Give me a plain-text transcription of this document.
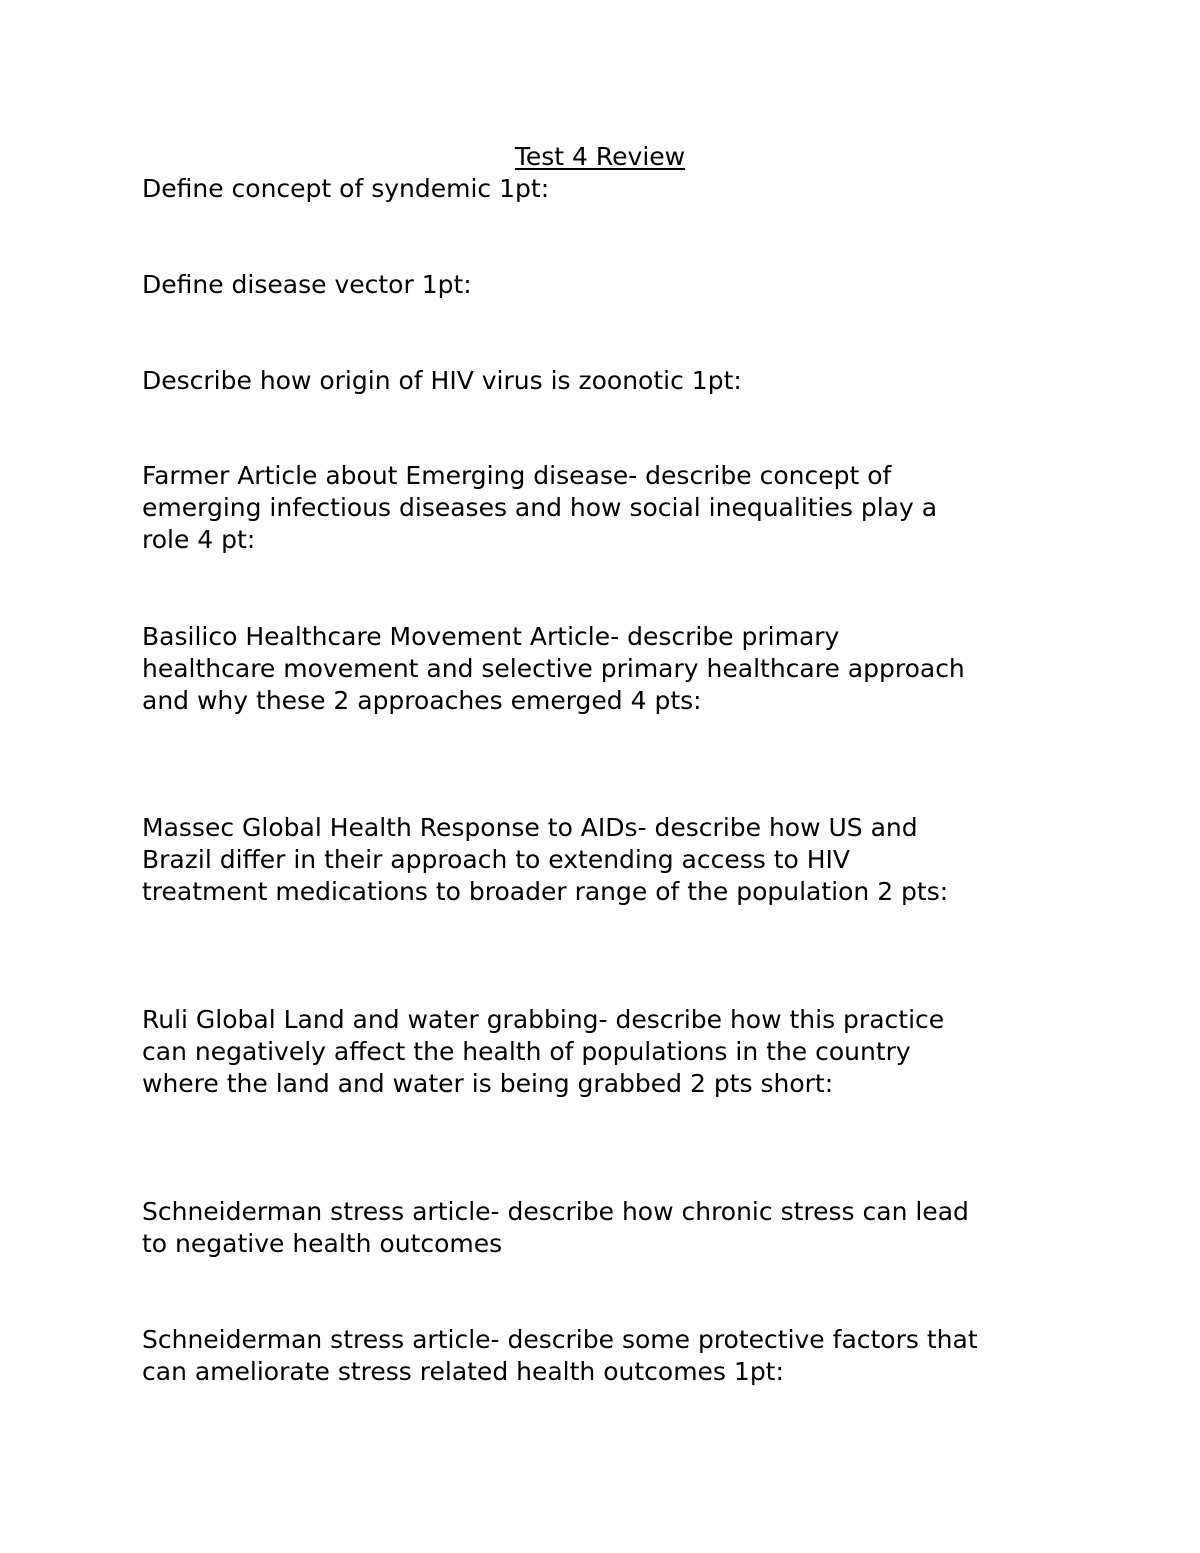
Test 4 Review

Define concept of syndemic 1pt:

Define disease vector 1pt:

Describe how origin of HIV virus is zoonotic 1pt:

Farmer Article about Emerging disease- describe concept of
emerging infectious diseases and how social inequalities play a
role 4 pt:

Basilico Healthcare Movement Article- describe primary
healthcare movement and selective primary healthcare approach
and why these 2 approaches emerged 4 pts:

Massec Global Health Response to AIDs- describe how US and
Brazil differ in their approach to extending access to HIV
treatment medications to broader range of the population 2 pts:

Ruli Global Land and water grabbing- describe how this practice
can negatively affect the health of populations in the country
where the land and water is being grabbed 2 pts short:

Schneiderman stress article- describe how chronic stress can lead
to negative health outcomes

Schneiderman stress article- describe some protective factors that
can ameliorate stress related health outcomes 1pt:
